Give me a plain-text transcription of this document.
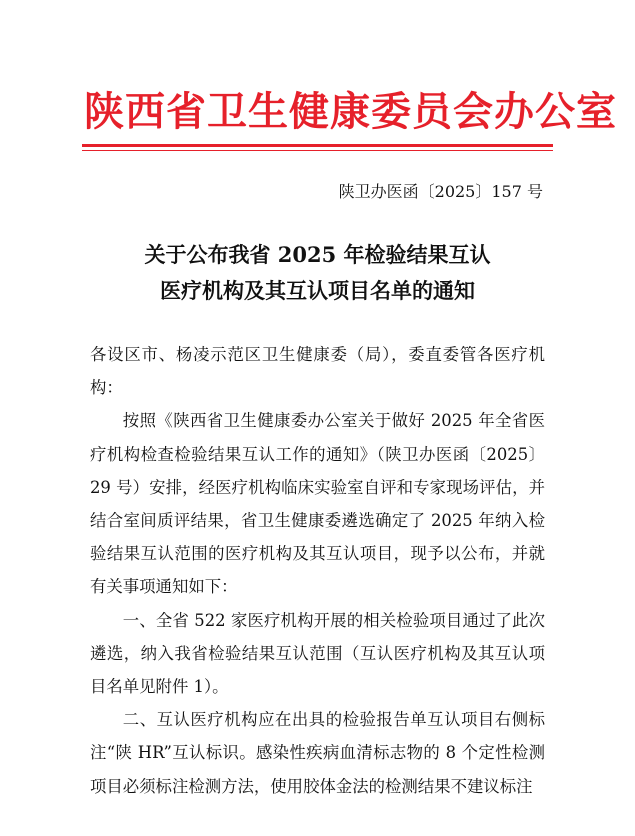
陕西省卫生健康委员会办公室
陕卫办医函〔2025〕157 号
关于公布我省 2025 年检验结果互认
医疗机构及其互认项目名单的通知

各设区市、杨凌示范区卫生健康委（局），委直委管各医疗机构：

按照《陕西省卫生健康委办公室关于做好 2025 年全省医疗机构检查检验结果互认工作的通知》（陕卫办医函〔2025〕29 号）安排，经医疗机构临床实验室自评和专家现场评估，并结合室间质评结果，省卫生健康委遴选确定了 2025 年纳入检验结果互认范围的医疗机构及其互认项目，现予以公布，并就有关事项通知如下：

一、全省 522 家医疗机构开展的相关检验项目通过了此次遴选，纳入我省检验结果互认范围（互认医疗机构及其互认项目名单见附件 1）。

二、互认医疗机构应在出具的检验报告单互认项目右侧标注“陕 HR”互认标识。感染性疾病血清标志物的 8 个定性检测项目必须标注检测方法，使用胶体金法的检测结果不建议标注
